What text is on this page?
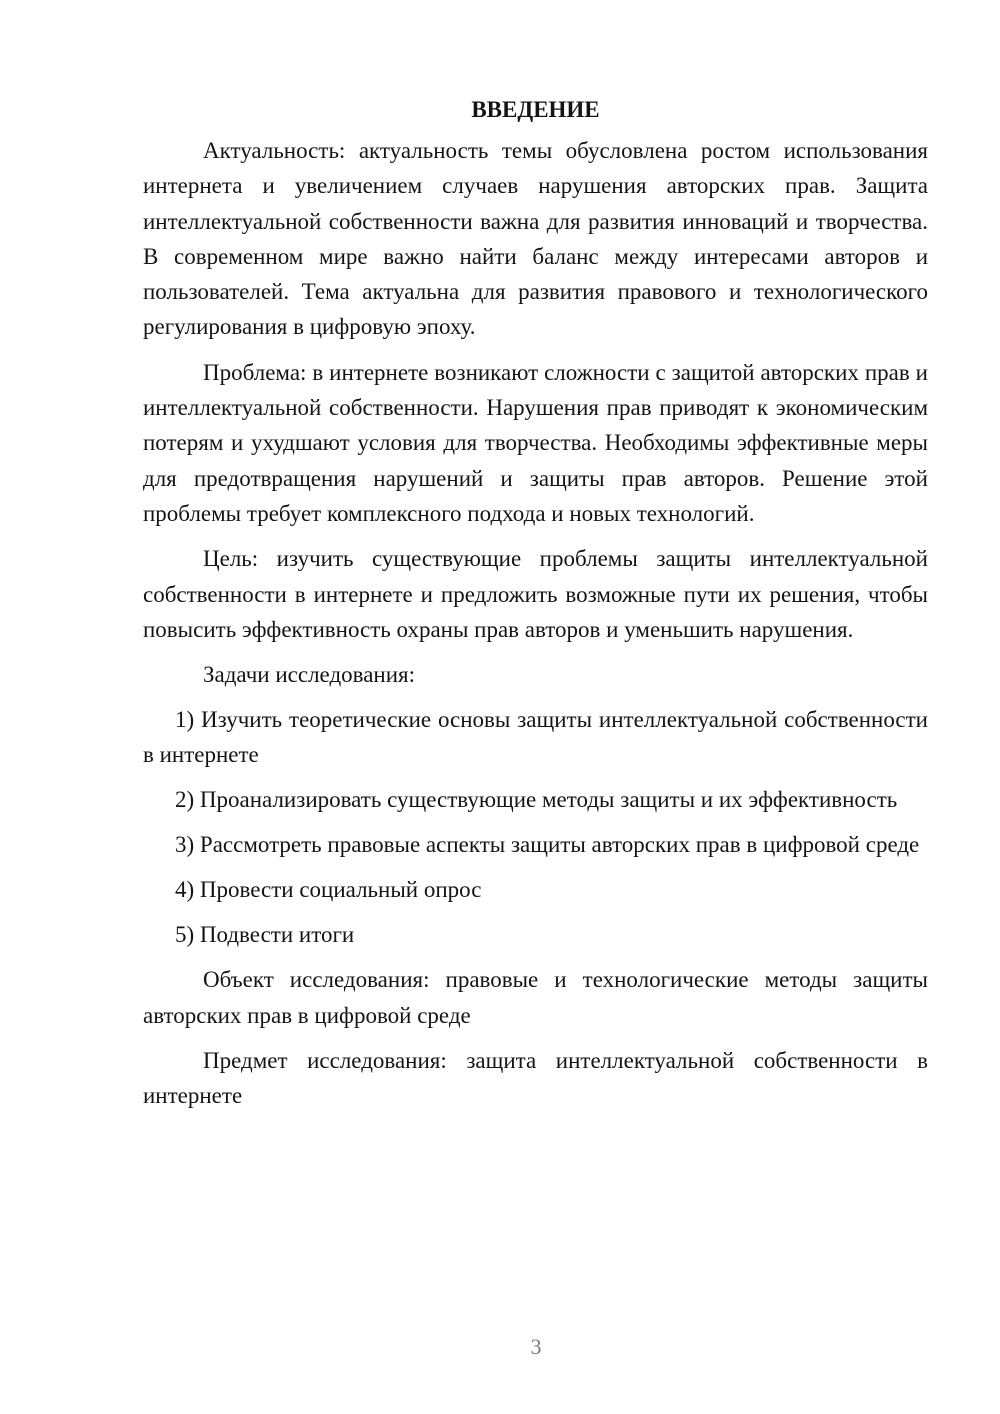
ВВЕДЕНИЕ

Актуальность: актуальность темы обусловлена ростом использования интернета и увеличением случаев нарушения авторских прав. Защита интеллектуальной собственности важна для развития инноваций и творчества. В современном мире важно найти баланс между интересами авторов и пользователей. Тема актуальна для развития правового и технологического регулирования в цифровую эпоху.

Проблема: в интернете возникают сложности с защитой авторских прав и интеллектуальной собственности. Нарушения прав приводят к экономическим потерям и ухудшают условия для творчества. Необходимы эффективные меры для предотвращения нарушений и защиты прав авторов. Решение этой проблемы требует комплексного подхода и новых технологий.

Цель: изучить существующие проблемы защиты интеллектуальной собственности в интернете и предложить возможные пути их решения, чтобы повысить эффективность охраны прав авторов и уменьшить нарушения.

Задачи исследования:

1) Изучить теоретические основы защиты интеллектуальной собственности в интернете

2) Проанализировать существующие методы защиты и их эффективность

3) Рассмотреть правовые аспекты защиты авторских прав в цифровой среде

4) Провести социальный опрос

5) Подвести итоги

Объект исследования: правовые и технологические методы защиты авторских прав в цифровой среде

Предмет исследования: защита интеллектуальной собственности в интернете

3
